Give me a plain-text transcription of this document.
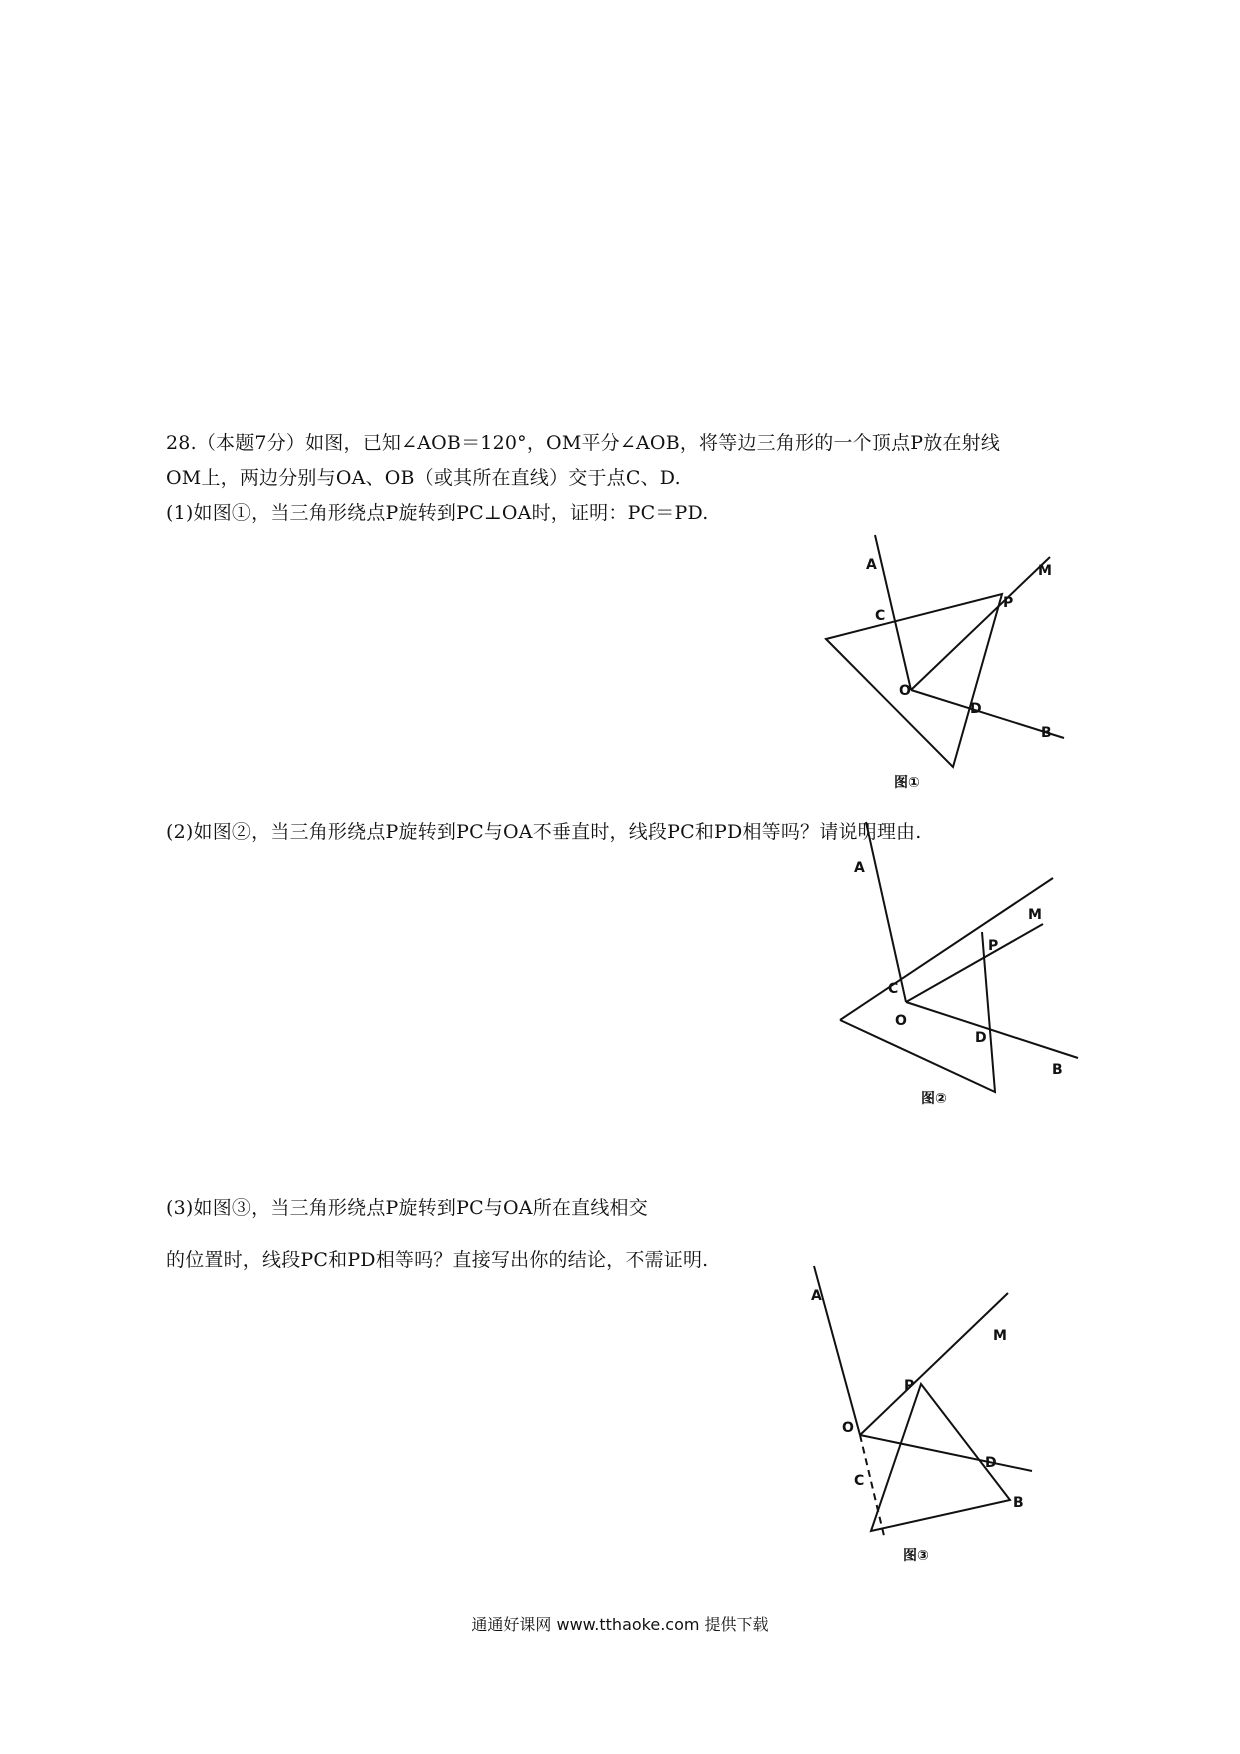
28.（本题7分）如图，已知∠AOB＝120°，OM平分∠AOB，将等边三角形的一个顶点P放在射线
OM上，两边分别与OA、OB（或其所在直线）交于点C、D.
(1)如图①，当三角形绕点P旋转到PC⊥OA时，证明：PC＝PD.
A	M
C
P
O
D
B
图①
(2)如图②，当三角形绕点P旋转到PC与OA不垂直时，线段PC和PD相等吗？请说明理由.
A
M
C
P
O
D
B
图②
(3)如图③，当三角形绕点P旋转到PC与OA所在直线相交
的位置时，线段PC和PD相等吗？直接写出你的结论，不需证明.
A
M
P
O
D
C
B
图③
通通好课网 www.tthaoke.com 提供下载
